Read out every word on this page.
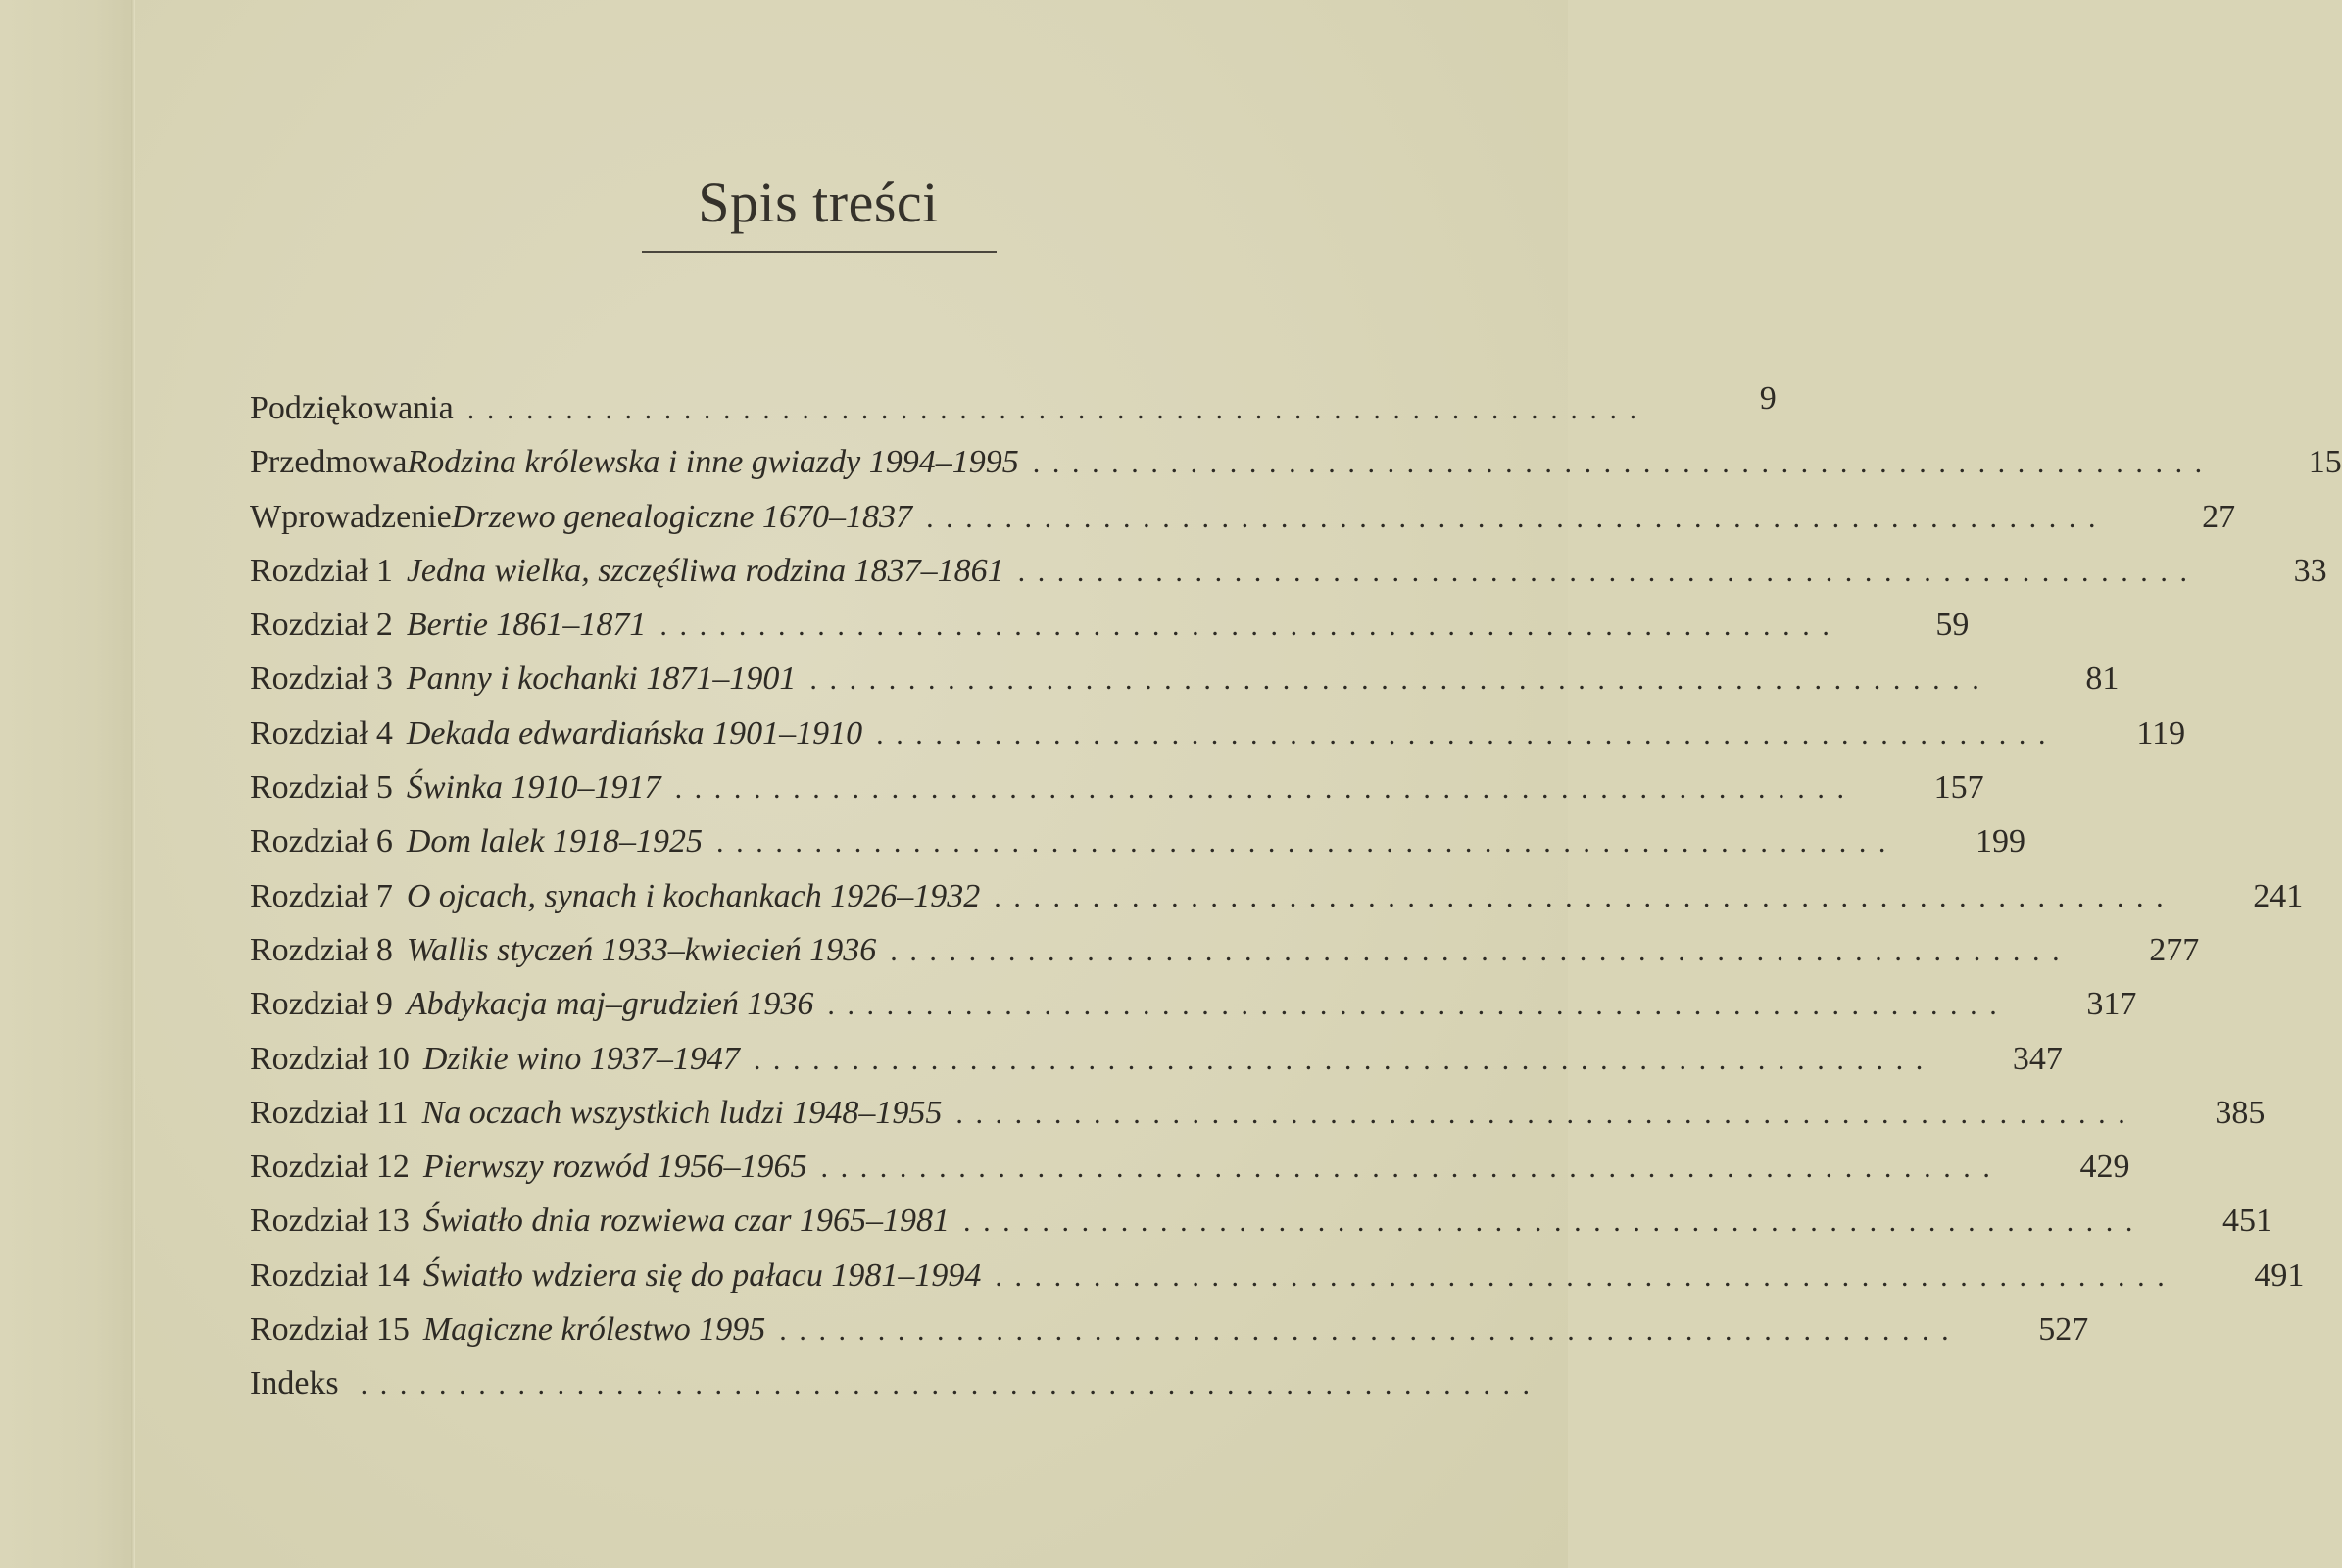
Spis treści
Podziękowania ............................................................	9
Przedmowa Rodzina królewska i inne gwiazdy 1994–1995 ............................................................	15
Wprowadzenie Drzewo genealogiczne 1670–1837 ............................................................	27
Rozdział 1 Jedna wielka, szczęśliwa rodzina 1837–1861 ............................................................	33
Rozdział 2 Bertie 1861–1871 ............................................................	59
Rozdział 3 Panny i kochanki 1871–1901 ............................................................	81
Rozdział 4 Dekada edwardiańska 1901–1910 ............................................................	119
Rozdział 5 Świnka 1910–1917 ............................................................	157
Rozdział 6 Dom lalek 1918–1925 ............................................................	199
Rozdział 7 O ojcach, synach i kochankach 1926–1932 ............................................................	241
Rozdział 8 Wallis styczeń 1933–kwiecień 1936 ............................................................	277
Rozdział 9 Abdykacja maj–grudzień 1936 ............................................................	317
Rozdział 10 Dzikie wino 1937–1947 ............................................................	347
Rozdział 11 Na oczach wszystkich ludzi 1948–1955 ............................................................	385
Rozdział 12 Pierwszy rozwód 1956–1965 ............................................................	429
Rozdział 13 Światło dnia rozwiewa czar 1965–1981 ............................................................	451
Rozdział 14 Światło wdziera się do pałacu 1981–1994 ............................................................	491
Rozdział 15 Magiczne królestwo 1995 ............................................................	527
Indeks ............................................................
